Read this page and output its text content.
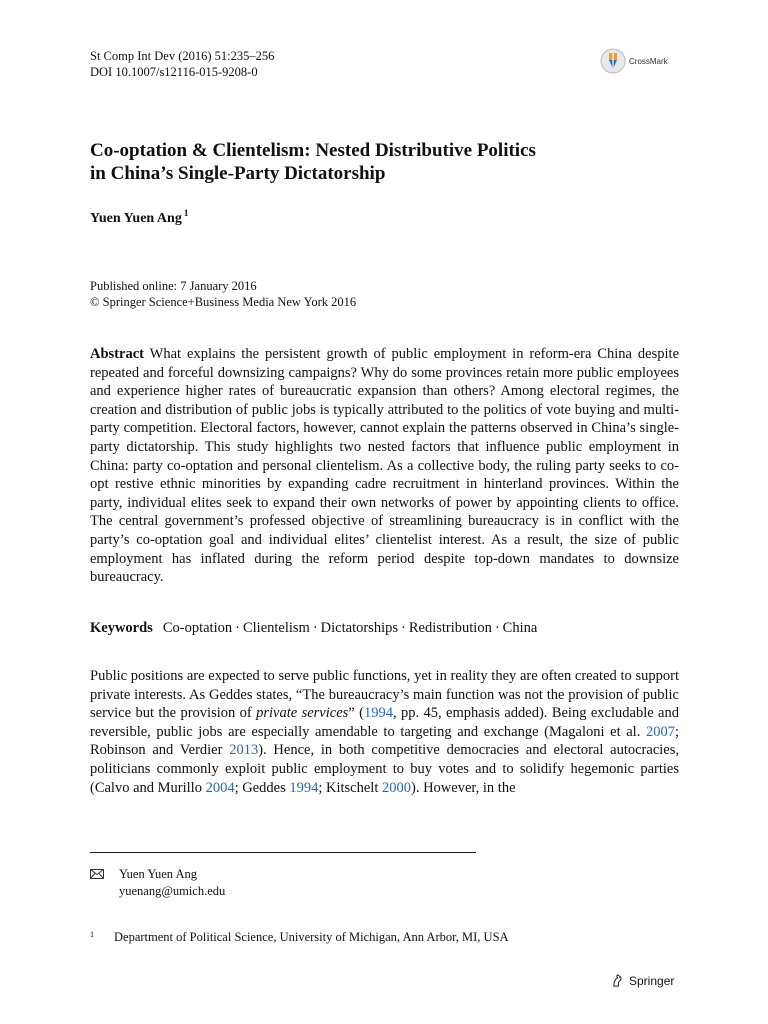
St Comp Int Dev (2016) 51:235–256
DOI 10.1007/s12116-015-9208-0
CrossMark
Co-optation & Clientelism: Nested Distributive Politics
in China’s Single-Party Dictatorship
Yuen Yuen Ang $^1$
Published online: 7 January 2016
© Springer Science+Business Media New York 2016
Abstract What explains the persistent growth of public employment in reform-era China despite repeated and forceful downsizing campaigns? Why do some provinces retain more public employees and experience higher rates of bureaucratic expansion than others? Among electoral regimes, the creation and distribution of public jobs is typically attributed to the politics of vote buying and multi-party competition. Electoral factors, however, cannot explain the patterns observed in China’s single-party dictatorship. This study highlights two nested factors that influence public employment in China: party co-optation and personal clientelism. As a collective body, the ruling party seeks to co-opt restive ethnic minorities by expanding cadre recruitment in hinterland provinces. Within the party, individual elites seek to expand their own networks of power by appointing clients to office. The central government’s professed objective of streamlining bureaucracy is in conflict with the party’s co-optation goal and individual elites’ clientelist interest. As a result, the size of public employment has inflated during the reform period despite top-down mandates to downsize bureaucracy.
Keywords Co-optation · Clientelism · Dictatorships · Redistribution · China
Public positions are expected to serve public functions, yet in reality they are often created to support private interests. As Geddes states, “The bureaucracy’s main function was not the provision of public service but the provision of private services” (1994, pp. 45, emphasis added). Being excludable and reversible, public jobs are especially amendable to targeting and exchange (Magaloni et al. 2007; Robinson and Verdier 2013). Hence, in both competitive democracies and electoral autocracies, politicians commonly exploit public employment to buy votes and to solidify hegemonic parties (Calvo and Murillo 2004; Geddes 1994; Kitschelt 2000). However, in the
Yuen Yuen Ang
yuenang@umich.edu
1	Department of Political Science, University of Michigan, Ann Arbor, MI, USA
Springer
